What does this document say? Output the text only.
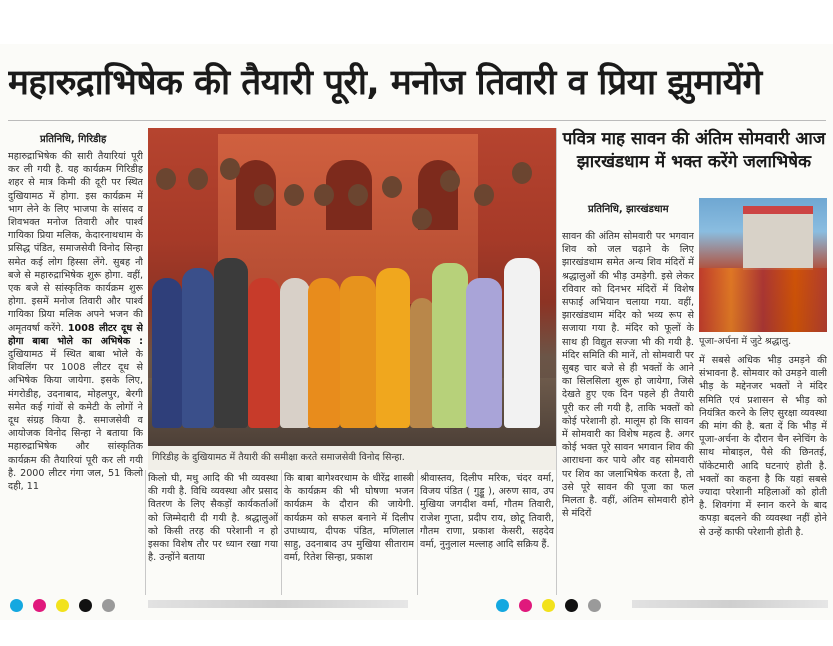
महारुद्राभिषेक की तैयारी पूरी, मनोज तिवारी व प्रिया झुमायेंगे
प्रतिनिधि, गिरिडीह
महारुद्राभिषेक की सारी तैयारियां पूरी कर ली गयी है. यह कार्यक्रम गिरिडीह शहर से मात्र किमी की दूरी पर स्थित दुखियामठ में होगा. इस कार्यक्रम में भाग लेने के लिए भाजपा के सांसद व शिवभक्त मनोज तिवारी और पार्श्व गायिका प्रिया मलिक, केदारनाथधाम के प्रसिद्ध पंडित, समाजसेवी विनोद सिन्हा समेत कई लोग हिस्सा लेंगे. सुबह नौ बजे से महारुद्राभिषेक शुरू होगा. वहीं, एक बजे से सांस्कृतिक कार्यक्रम शुरू होगा. इसमें मनोज तिवारी और पार्श्व गायिका प्रिया मलिक अपने भजन की अमृतवर्षा करेंगे. 1008 लीटर दूध से होगा बाबा भोले का अभिषेक : दुखियामठ में स्थित बाबा भोले के शिवलिंग पर 1008 लीटर दूध से अभिषेक किया जायेगा. इसके लिए, मंगरोडीह, उदनाबाद, मोहलपुर, बेरगी समेत कई गांवों से कमेटी के लोगों ने दूध संग्रह किया है. समाजसेवी व आयोजक विनोद सिन्हा ने बताया कि महारुद्राभिषेक और सांस्कृतिक कार्यक्रम की तैयारियां पूरी कर ली गयी है. 2000 लीटर गंगा जल, 51 किलो दही, 11
गिरिडीह के दुखियामठ में तैयारी की समीक्षा करते समाजसेवी विनोद सिन्हा.
किलो घी, मधु आदि की भी व्यवस्था की गयी है. विधि व्यवस्था और प्रसाद वितरण के लिए सैकड़ों कार्यकर्ताओं को जिम्मेदारी दी गयी है. श्रद्धालुओं को किसी तरह की परेशानी न हो इसका विशेष तौर पर ध्यान रखा गया है. उन्होंने बताया
कि बाबा बागेश्वरधाम के धीरेंद्र शास्त्री के कार्यक्रम की भी घोषणा भजन कार्यक्रम के दौरान की जायेगी. कार्यक्रम को सफल बनाने में दिलीप उपाध्याय, दीपक पंडित, मणिलाल साहु, उदनाबाद उप मुखिया सीताराम वर्मा, रितेश सिन्हा, प्रकाश
श्रीवास्तव, दिलीप मरिक, चंदर वर्मा, विजय पंडित ( गुड्डू ), अरुण साव, उप मुखिया जगदीश वर्मा, गौतम तिवारी, राजेश गुप्ता, प्रदीप राय, छोटू तिवारी, गौतम राणा, प्रकाश केसरी, सहदेव वर्मा, नुनुलाल मल्लाह आदि सक्रिय हैं.
पवित्र माह सावन की अंतिम सोमवारी आज झारखंडधाम में भक्त करेंगे जलाभिषेक
प्रतिनिधि, झारखंडधाम
सावन की अंतिम सोमवारी पर भगवान शिव को जल चढ़ाने के लिए झारखंडधाम समेत अन्य शिव मंदिरों में श्रद्धालुओं की भीड़ उमड़ेगी. इसे लेकर रविवार को दिनभर मंदिरों में विशेष सफाई अभियान चलाया गया. वहीं, झारखंडधाम मंदिर को भव्य रूप से सजाया गया है. मंदिर को फूलों के साथ ही विद्युत सज्जा भी की गयी है. मंदिर समिति की मानें, तो सोमवारी पर सुबह चार बजे से ही भक्तों के आने का सिलसिला शुरू हो जायेगा, जिसे देखते हुए एक दिन पहले ही तैयारी पूरी कर ली गयी है, ताकि भक्तों को कोई परेशानी हो. मालूम हो कि सावन में सोमवारी का विशेष महत्व है. अगर कोई भक्त पूरे सावन भगवान शिव की आराधना कर पाये और वह सोमवारी पर शिव का जलाभिषेक करता है, तो उसे पूरे सावन की पूजा का फल मिलता है. वहीं, अंतिम सोमवारी होने से मंदिरों
पूजा-अर्चना में जुटे श्रद्धालु.
में सबसे अधिक भीड़ उमड़ने की संभावना है. सोमवार को उमड़ने वाली भीड़ के मद्देनजर भक्तों ने मंदिर समिति एवं प्रशासन से भीड़ को नियंत्रित करने के लिए सुरक्षा व्यवस्था की मांग की है. बता दें कि भीड़ में पूजा-अर्चना के दौरान चैन स्नेचिंग के साथ मोबाइल, पैसे की छिनतई, पॉकेटमारी आदि घटनाएं होती है. भक्तों का कहना है कि यहां सबसे ज्यादा परेशानी महिलाओं को होती है. शिवगंगा में स्नान करने के बाद कपड़ा बदलने की व्यवस्था नहीं होने से उन्हें काफी परेशानी होती है.
